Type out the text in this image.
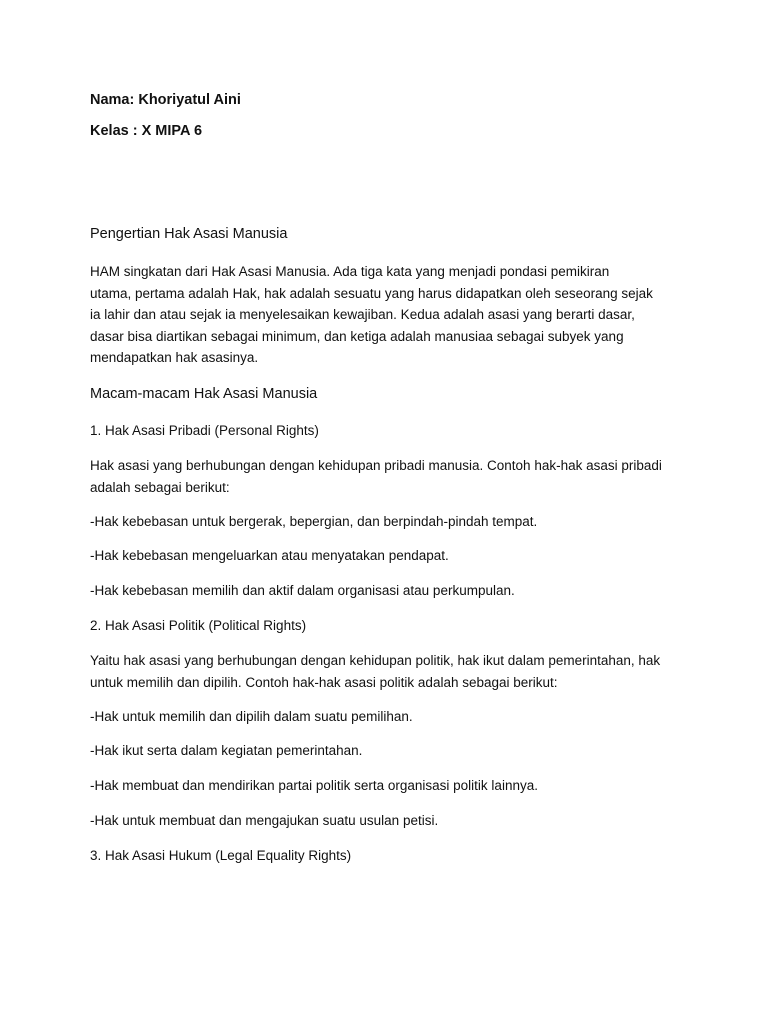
Nama: Khoriyatul Aini
Kelas : X MIPA 6
Pengertian Hak Asasi Manusia
HAM singkatan dari Hak Asasi Manusia. Ada tiga kata yang menjadi pondasi pemikiran
utama, pertama adalah Hak, hak adalah sesuatu yang harus didapatkan oleh seseorang sejak
ia lahir dan atau sejak ia menyelesaikan kewajiban. Kedua adalah asasi yang berarti dasar,
dasar bisa diartikan sebagai minimum, dan ketiga adalah manusiaa sebagai subyek yang
mendapatkan hak asasinya.
Macam-macam Hak Asasi Manusia
1. Hak Asasi Pribadi (Personal Rights)
Hak asasi yang berhubungan dengan kehidupan pribadi manusia. Contoh hak-hak asasi pribadi
adalah sebagai berikut:
-Hak kebebasan untuk bergerak, bepergian, dan berpindah-pindah tempat.
-Hak kebebasan mengeluarkan atau menyatakan pendapat.
-Hak kebebasan memilih dan aktif dalam organisasi atau perkumpulan.
2. Hak Asasi Politik (Political Rights)
Yaitu hak asasi yang berhubungan dengan kehidupan politik, hak ikut dalam pemerintahan, hak
untuk memilih dan dipilih. Contoh hak-hak asasi politik adalah sebagai berikut:
-Hak untuk memilih dan dipilih dalam suatu pemilihan.
-Hak ikut serta dalam kegiatan pemerintahan.
-Hak membuat dan mendirikan partai politik serta organisasi politik lainnya.
-Hak untuk membuat dan mengajukan suatu usulan petisi.
3. Hak Asasi Hukum (Legal Equality Rights)
